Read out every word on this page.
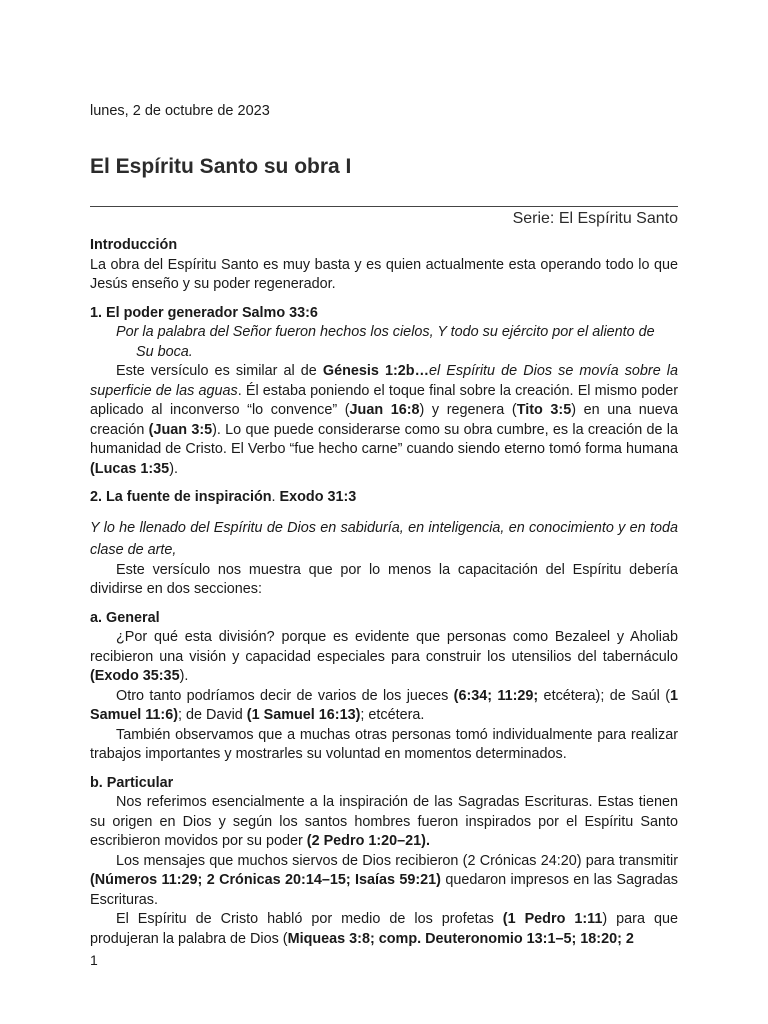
lunes, 2 de octubre de 2023
El Espíritu Santo su obra I
Serie: El Espíritu Santo

Introducción

La obra del Espíritu Santo es muy basta y es quien actualmente esta operando todo lo que Jesús enseño y su poder regenerador.

1. El poder generador Salmo 33:6

Por la palabra del Señor fueron hechos los cielos, Y todo su ejército por el aliento de
Su boca.

Este versículo es similar al de Génesis 1:2b…el Espíritu de Dios se movía sobre la superficie de las aguas. Él estaba poniendo el toque final sobre la creación. El mismo poder aplicado al inconverso “lo convence” (Juan 16:8) y regenera (Tito 3:5) en una nueva creación (Juan 3:5). Lo que puede considerarse como su obra cumbre, es la creación de la humanidad de Cristo. El Verbo “fue hecho carne” cuando siendo eterno tomó forma humana (Lucas 1:35).

2. La fuente de inspiración. Exodo 31:3

Y lo he llenado del Espíritu de Dios en sabiduría, en inteligencia, en conocimiento y en toda clase de arte,

Este versículo nos muestra que por lo menos la capacitación del Espíritu debería dividirse en dos secciones:

a. General

¿Por qué esta división? porque es evidente que personas como Bezaleel y Aholiab recibieron una visión y capacidad especiales para construir los utensilios del tabernáculo (Exodo 35:35).

Otro tanto podríamos decir de varios de los jueces (6:34; 11:29; etcétera); de Saúl (1 Samuel 11:6); de David (1 Samuel 16:13); etcétera.

También observamos que a muchas otras personas tomó individualmente para realizar trabajos importantes y mostrarles su voluntad en momentos determinados.

b. Particular

Nos referimos esencialmente a la inspiración de las Sagradas Escrituras. Estas tienen su origen en Dios y según los santos hombres fueron inspirados por el Espíritu Santo escribieron movidos por su poder (2 Pedro 1:20–21).

Los mensajes que muchos siervos de Dios recibieron (2 Crónicas 24:20) para transmitir (Números 11:29; 2 Crónicas 20:14–15; Isaías 59:21) quedaron impresos en las Sagradas Escrituras.

El Espíritu de Cristo habló por medio de los profetas (1 Pedro 1:11) para que produjeran la palabra de Dios (Miqueas 3:8; comp. Deuteronomio 13:1–5; 18:20; 2

1
